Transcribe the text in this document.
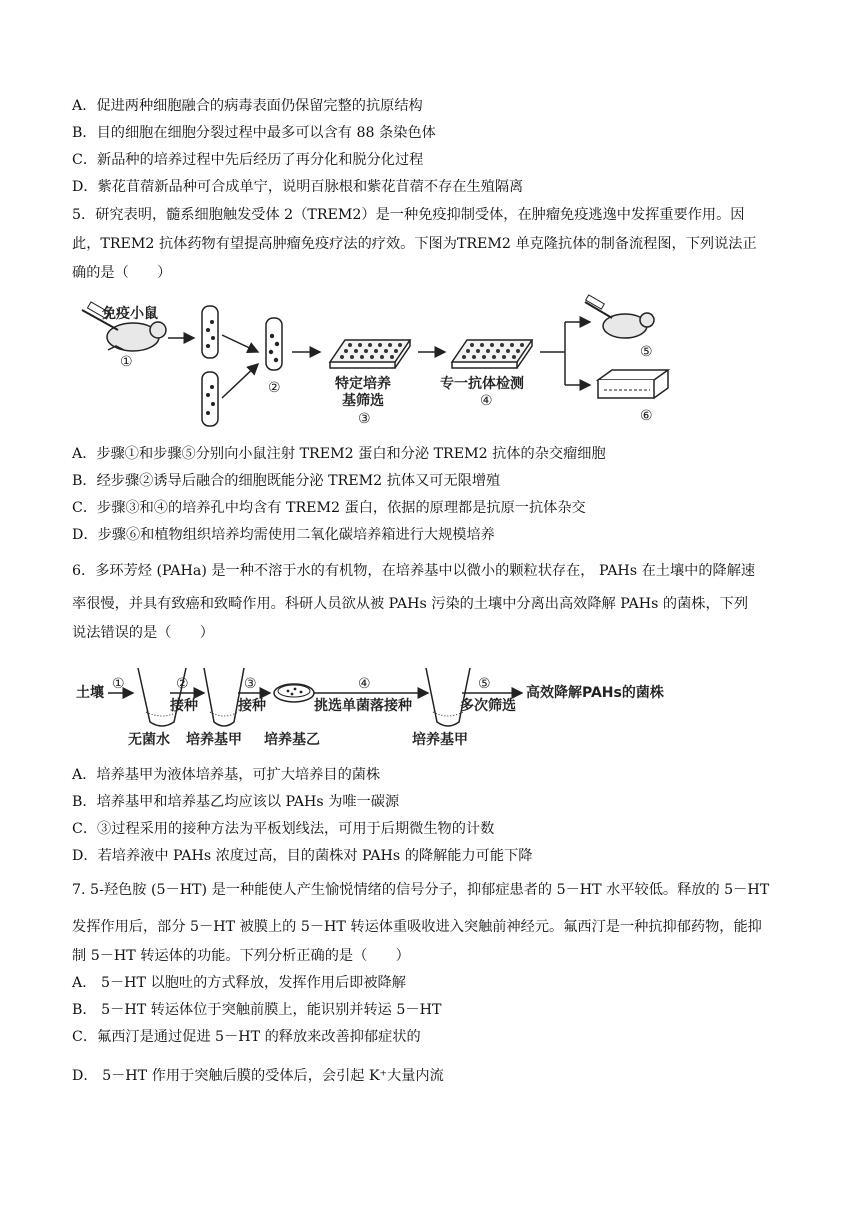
A．促进两种细胞融合的病毒表面仍保留完整的抗原结构
B．目的细胞在细胞分裂过程中最多可以含有 88 条染色体
C．新品种的培养过程中先后经历了再分化和脱分化过程
D．紫花苜蓿新品种可合成单宁，说明百脉根和紫花苜蓿不存在生殖隔离
5．研究表明，髓系细胞触发受体 2（TREM2）是一种免疫抑制受体，在肿瘤免疫逃逸中发挥重要作用。因
此，TREM2 抗体药物有望提高肿瘤免疫疗法的疗效。下图为TREM2 单克隆抗体的制备流程图，下列说法正
确的是（　　）
免疫小鼠
①
②	特定培养
基筛选
③
专一抗体检测
④
⑤
⑥
A．步骤①和步骤⑤分别向小鼠注射 TREM2 蛋白和分泌 TREM2 抗体的杂交瘤细胞
B．经步骤②诱导后融合的细胞既能分泌 TREM2 抗体又可无限增殖
C．步骤③和④的培养孔中均含有 TREM2 蛋白，依据的原理都是抗原一抗体杂交
D．步骤⑥和植物组织培养均需使用二氧化碳培养箱进行大规模培养
6．多环芳烃 (PAHa) 是一种不溶于水的有机物，在培养基中以微小的颗粒状存在， PAHs 在土壤中的降解速
率很慢，并具有致癌和致畸作用。科研人员欲从被 PAHs 污染的土壤中分离出高效降解 PAHs 的菌株，下列
说法错误的是（　　）
土壤
①	②
接种
③
接种
④
挑选单菌落接种
⑤
多次筛选
高效降解PAHs的菌株
无菌水 培养基甲 培养基乙	培养基甲
A．培养基甲为液体培养基，可扩大培养目的菌株
B．培养基甲和培养基乙均应该以 PAHs 为唯一碳源
C．③过程采用的接种方法为平板划线法，可用于后期微生物的计数
D．若培养液中 PAHs 浓度过高，目的菌株对 PAHs 的降解能力可能下降
7. 5-羟色胺 (5－HT) 是一种能使人产生愉悦情绪的信号分子，抑郁症患者的 5－HT 水平较低。释放的 5－HT
发挥作用后，部分 5－HT 被膜上的 5－HT 转运体重吸收进入突触前神经元。氟西汀是一种抗抑郁药物，能抑
制 5－HT 转运体的功能。下列分析正确的是（　　）
A． 5－HT 以胞吐的方式释放，发挥作用后即被降解
B． 5－HT 转运体位于突触前膜上，能识别并转运 5－HT
C．氟西汀是通过促进 5－HT 的释放来改善抑郁症状的
D． 5－HT 作用于突触后膜的受体后，会引起 K⁺大量内流
